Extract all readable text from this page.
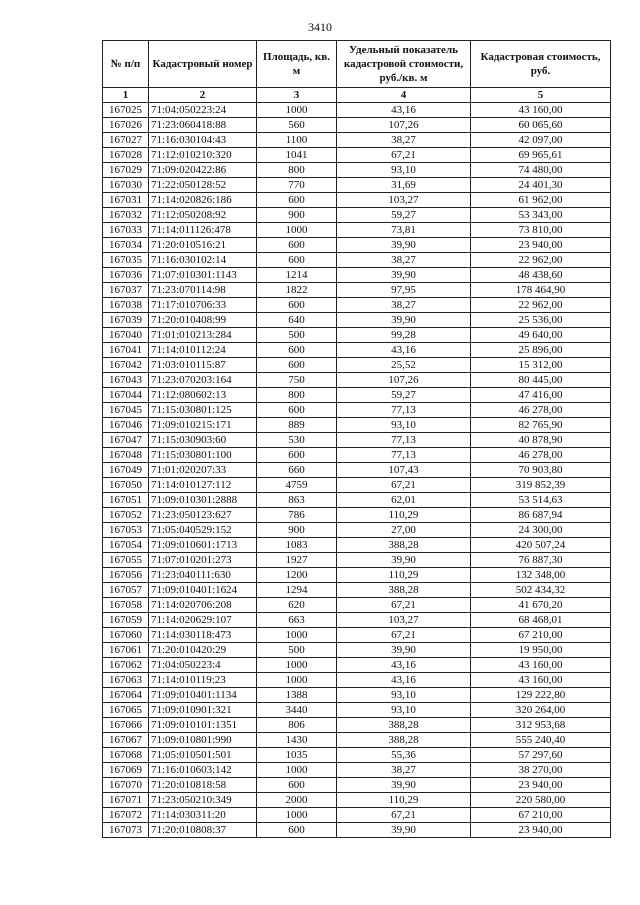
3410
№ п/п	Кадастровый номер	Площадь, кв. м	Удельный показатель кадастровой стоимости, руб./кв. м	Кадастровая стоимость, руб.
1	2	3	4	5
167025	71:04:050223:24	1000	43,16	43 160,00
167026	71:23:060418:88	560	107,26	60 065,60
167027	71:16:030104:43	1100	38,27	42 097,00
167028	71:12:010210:320	1041	67,21	69 965,61
167029	71:09:020422:86	800	93,10	74 480,00
167030	71:22:050128:52	770	31,69	24 401,30
167031	71:14:020826:186	600	103,27	61 962,00
167032	71:12:050208:92	900	59,27	53 343,00
167033	71:14:011126:478	1000	73,81	73 810,00
167034	71:20:010516:21	600	39,90	23 940,00
167035	71:16:030102:14	600	38,27	22 962,00
167036	71:07:010301:1143	1214	39,90	48 438,60
167037	71:23:070114:98	1822	97,95	178 464,90
167038	71:17:010706:33	600	38,27	22 962,00
167039	71:20:010408:99	640	39,90	25 536,00
167040	71:01:010213:284	500	99,28	49 640,00
167041	71:14:010112:24	600	43,16	25 896,00
167042	71:03:010115:87	600	25,52	15 312,00
167043	71:23:070203:164	750	107,26	80 445,00
167044	71:12:080602:13	800	59,27	47 416,00
167045	71:15:030801:125	600	77,13	46 278,00
167046	71:09:010215:171	889	93,10	82 765,90
167047	71:15:030903:60	530	77,13	40 878,90
167048	71:15:030801:100	600	77,13	46 278,00
167049	71:01:020207:33	660	107,43	70 903,80
167050	71:14:010127:112	4759	67,21	319 852,39
167051	71:09:010301:2888	863	62,01	53 514,63
167052	71:23:050123:627	786	110,29	86 687,94
167053	71:05:040529:152	900	27,00	24 300,00
167054	71:09:010601:1713	1083	388,28	420 507,24
167055	71:07:010201:273	1927	39,90	76 887,30
167056	71:23:040111:630	1200	110,29	132 348,00
167057	71:09:010401:1624	1294	388,28	502 434,32
167058	71:14:020706:208	620	67,21	41 670,20
167059	71:14:020629:107	663	103,27	68 468,01
167060	71:14:030118:473	1000	67,21	67 210,00
167061	71:20:010420:29	500	39,90	19 950,00
167062	71:04:050223:4	1000	43,16	43 160,00
167063	71:14:010119:23	1000	43,16	43 160,00
167064	71:09:010401:1134	1388	93,10	129 222,80
167065	71:09:010901:321	3440	93,10	320 264,00
167066	71:09:010101:1351	806	388,28	312 953,68
167067	71:09:010801:990	1430	388,28	555 240,40
167068	71:05:010501:501	1035	55,36	57 297,60
167069	71:16:010603:142	1000	38,27	38 270,00
167070	71:20:010818:58	600	39,90	23 940,00
167071	71:23:050210:349	2000	110,29	220 580,00
167072	71:14:030311:20	1000	67,21	67 210,00
167073	71:20:010808:37	600	39,90	23 940,00
